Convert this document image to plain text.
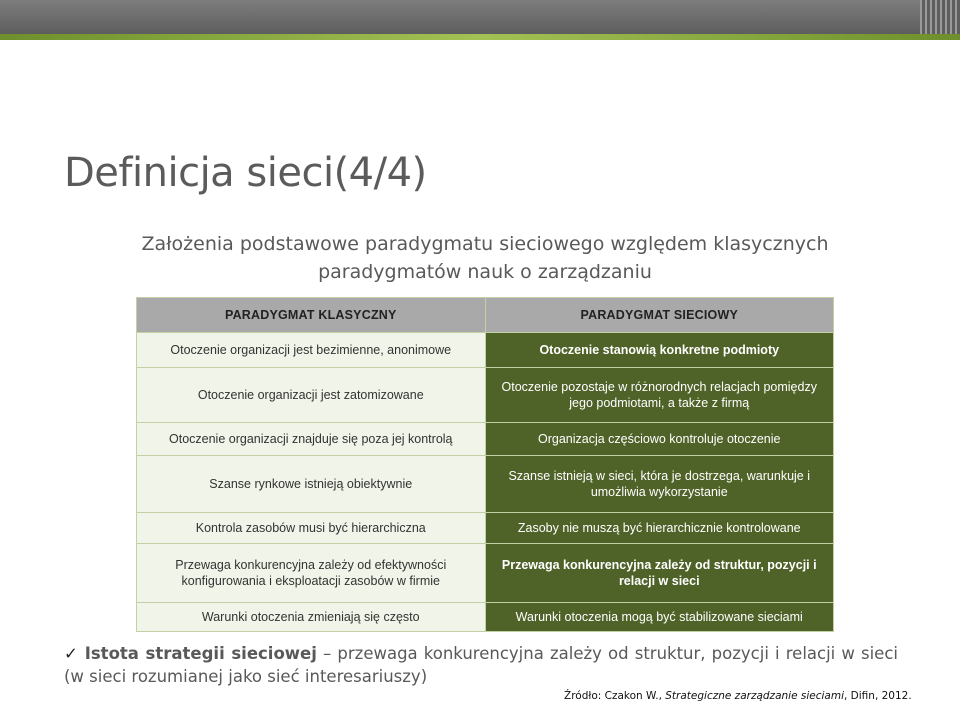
Definicja sieci(4/4)
Założenia podstawowe paradygmatu sieciowego względem klasycznych
paradygmatów nauk o zarządzaniu
PARADYGMAT KLASYCZNY	PARADYGMAT SIECIOWY
Otoczenie organizacji jest bezimienne, anonimowe	Otoczenie stanowią konkretne podmioty
Otoczenie organizacji jest zatomizowane	Otoczenie pozostaje w różnorodnych relacjach pomiędzy jego podmiotami, a także z firmą
Otoczenie organizacji znajduje się poza jej kontrolą	Organizacja częściowo kontroluje otoczenie
Szanse rynkowe istnieją obiektywnie	Szanse istnieją w sieci, która je dostrzega, warunkuje i umożliwia wykorzystanie
Kontrola zasobów musi być hierarchiczna	Zasoby nie muszą być hierarchicznie kontrolowane
Przewaga konkurencyjna zależy od efektywności konfigurowania i eksploatacji zasobów w firmie	Przewaga konkurencyjna zależy od struktur, pozycji i relacji w sieci
Warunki otoczenia zmieniają się często	Warunki otoczenia mogą być stabilizowane sieciami
✓ Istota strategii sieciowej – przewaga konkurencyjna zależy od struktur, pozycji i relacji w sieci (w sieci rozumianej jako sieć interesariuszy)
Źródło: Czakon W., Strategiczne zarządzanie sieciami, Difin, 2012.
